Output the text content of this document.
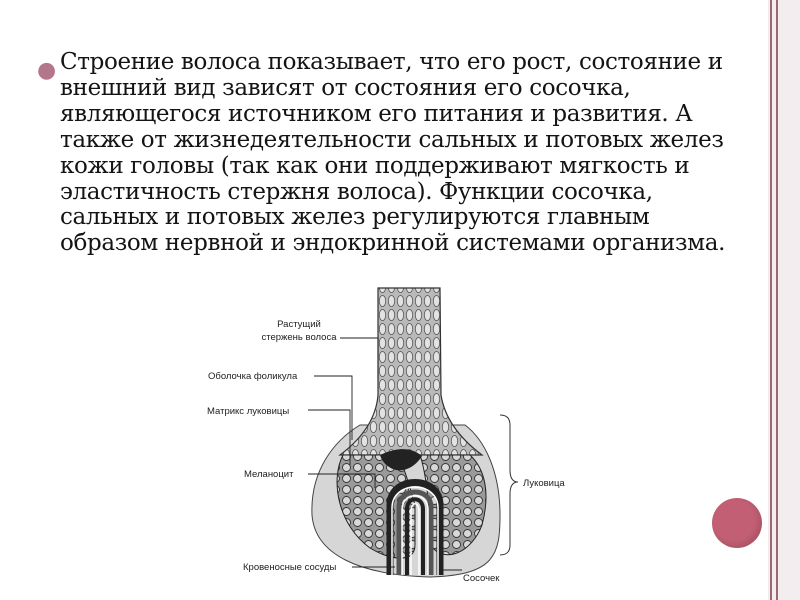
● Строение волоса показывает, что его рост, состояние и внешний вид зависят от состояния его сосочка, являющегося источником его питания и развития. А также от жизнедеятельности сальных и потовых желез кожи головы (так как они поддерживают мягкость и эластичность стержня волоса). Функции сосочка, сальных и потовых желез регулируются главным образом нервной и эндокринной системами организма.
Растущий
стержень волоса
Оболочка фоликула
Матрикс луковицы
Меланоцит
Кровеносные сосуды
Луковица
Сосочек
